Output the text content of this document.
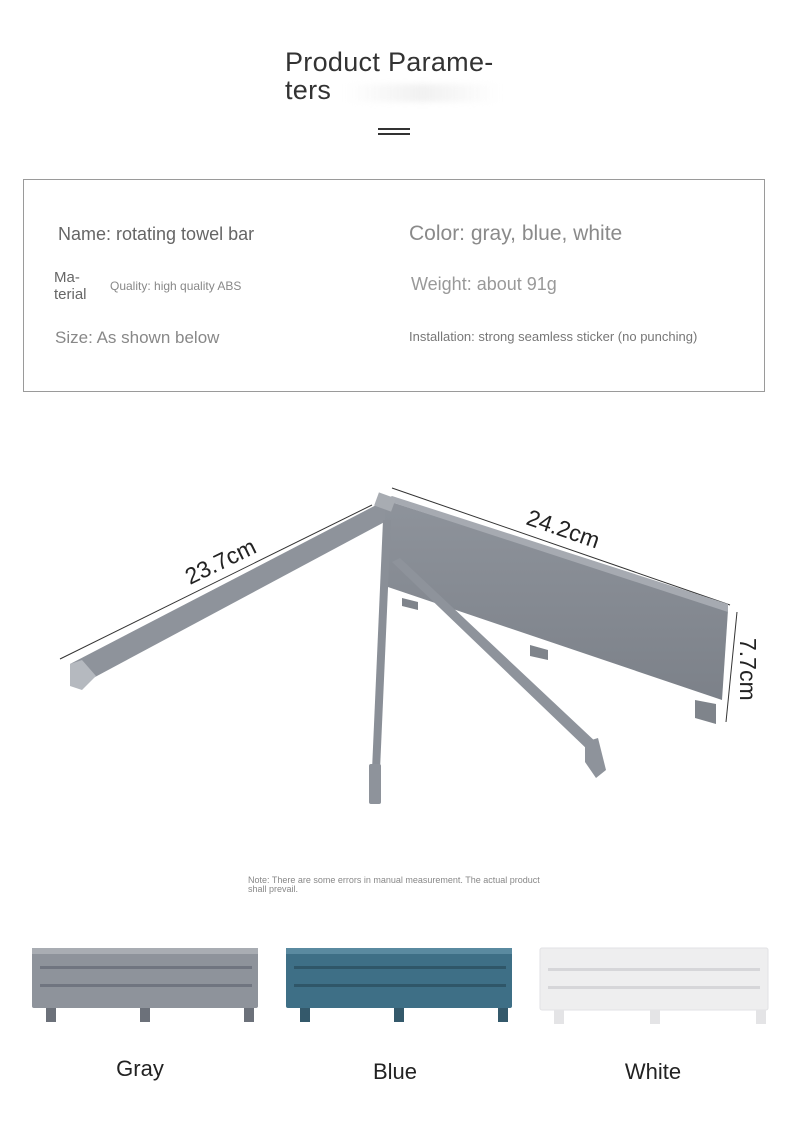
Product Parame-
ters
Name: rotating towel bar	Color: gray, blue, white
Ma-
terial Quality: high quality ABS	Weight: about 91g
Size: As shown below	Installation: strong seamless sticker (no punching)
23.7cm
24.2cm
7.7cm
Note: There are some errors in manual measurement. The actual product shall prevail.
Gray	Blue	White
